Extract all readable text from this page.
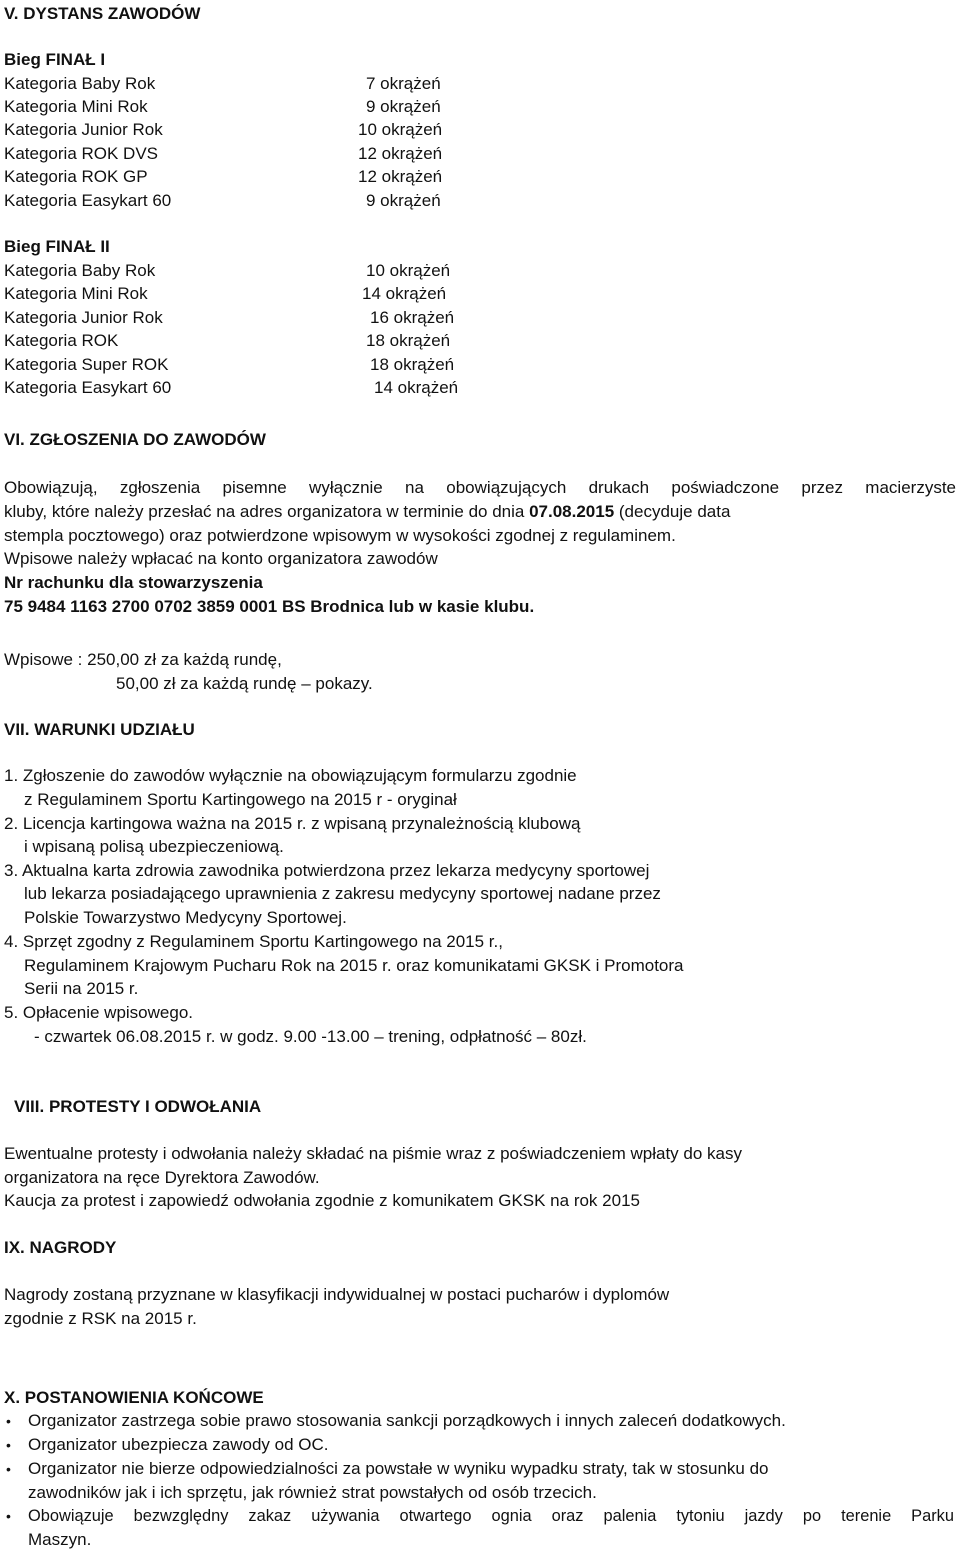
V. DYSTANS ZAWODÓW
Bieg FINAŁ I
Kategoria Baby Rok	7 okrążeń
Kategoria Mini Rok	9 okrążeń
Kategoria Junior Rok	10 okrążeń
Kategoria ROK DVS	12 okrążeń
Kategoria ROK GP	12 okrążeń
Kategoria Easykart 60	9 okrążeń
Bieg FINAŁ II
Kategoria Baby Rok	10 okrążeń
Kategoria Mini Rok	14 okrążeń
Kategoria Junior Rok	16 okrążeń
Kategoria ROK	18 okrążeń
Kategoria Super ROK	18 okrążeń
Kategoria Easykart 60	14 okrążeń
VI. ZGŁOSZENIA DO ZAWODÓW
Obowiązują, zgłoszenia pisemne wyłącznie na obowiązujących drukach poświadczone przez macierzyste
kluby, które należy przesłać na adres organizatora w terminie do dnia 07.08.2015 (decyduje data
stempla pocztowego) oraz potwierdzone wpisowym w wysokości zgodnej z regulaminem.
Wpisowe należy wpłacać na konto organizatora zawodów
Nr rachunku dla stowarzyszenia
75 9484 1163 2700 0702 3859 0001 BS Brodnica lub w kasie klubu.
Wpisowe : 250,00 zł za każdą rundę,
50,00 zł za każdą rundę – pokazy.
VII. WARUNKI UDZIAŁU
1. Zgłoszenie do zawodów wyłącznie na obowiązującym formularzu zgodnie
z Regulaminem Sportu Kartingowego na 2015 r - oryginał
2. Licencja kartingowa ważna na 2015 r. z wpisaną przynależnością klubową
i wpisaną polisą ubezpieczeniową.
3. Aktualna karta zdrowia zawodnika potwierdzona przez lekarza medycyny sportowej
lub lekarza posiadającego uprawnienia z zakresu medycyny sportowej nadane przez
Polskie Towarzystwo Medycyny Sportowej.
4. Sprzęt zgodny z Regulaminem Sportu Kartingowego na 2015 r.,
Regulaminem Krajowym Pucharu Rok na 2015 r. oraz komunikatami GKSK i Promotora
Serii na 2015 r.
5. Opłacenie wpisowego.
- czwartek 06.08.2015 r. w godz. 9.00 -13.00 – trening, odpłatność – 80zł.
VIII. PROTESTY I ODWOŁANIA
Ewentualne protesty i odwołania należy składać na piśmie wraz z poświadczeniem wpłaty do kasy
organizatora na ręce Dyrektora Zawodów.
Kaucja za protest i zapowiedź odwołania zgodnie z komunikatem GKSK na rok 2015
IX. NAGRODY
Nagrody zostaną przyznane w klasyfikacji indywidualnej w postaci pucharów i dyplomów
zgodnie z RSK na 2015 r.
X. POSTANOWIENIA KOŃCOWE
• Organizator zastrzega sobie prawo stosowania sankcji porządkowych i innych zaleceń dodatkowych.
• Organizator ubezpiecza zawody od OC.
• Organizator nie bierze odpowiedzialności za powstałe w wyniku wypadku straty, tak w stosunku do
zawodników jak i ich sprzętu, jak również strat powstałych od osób trzecich.
• Obowiązuje bezwzględny zakaz używania otwartego ognia oraz palenia tytoniu jazdy po terenie Parku
Maszyn.
